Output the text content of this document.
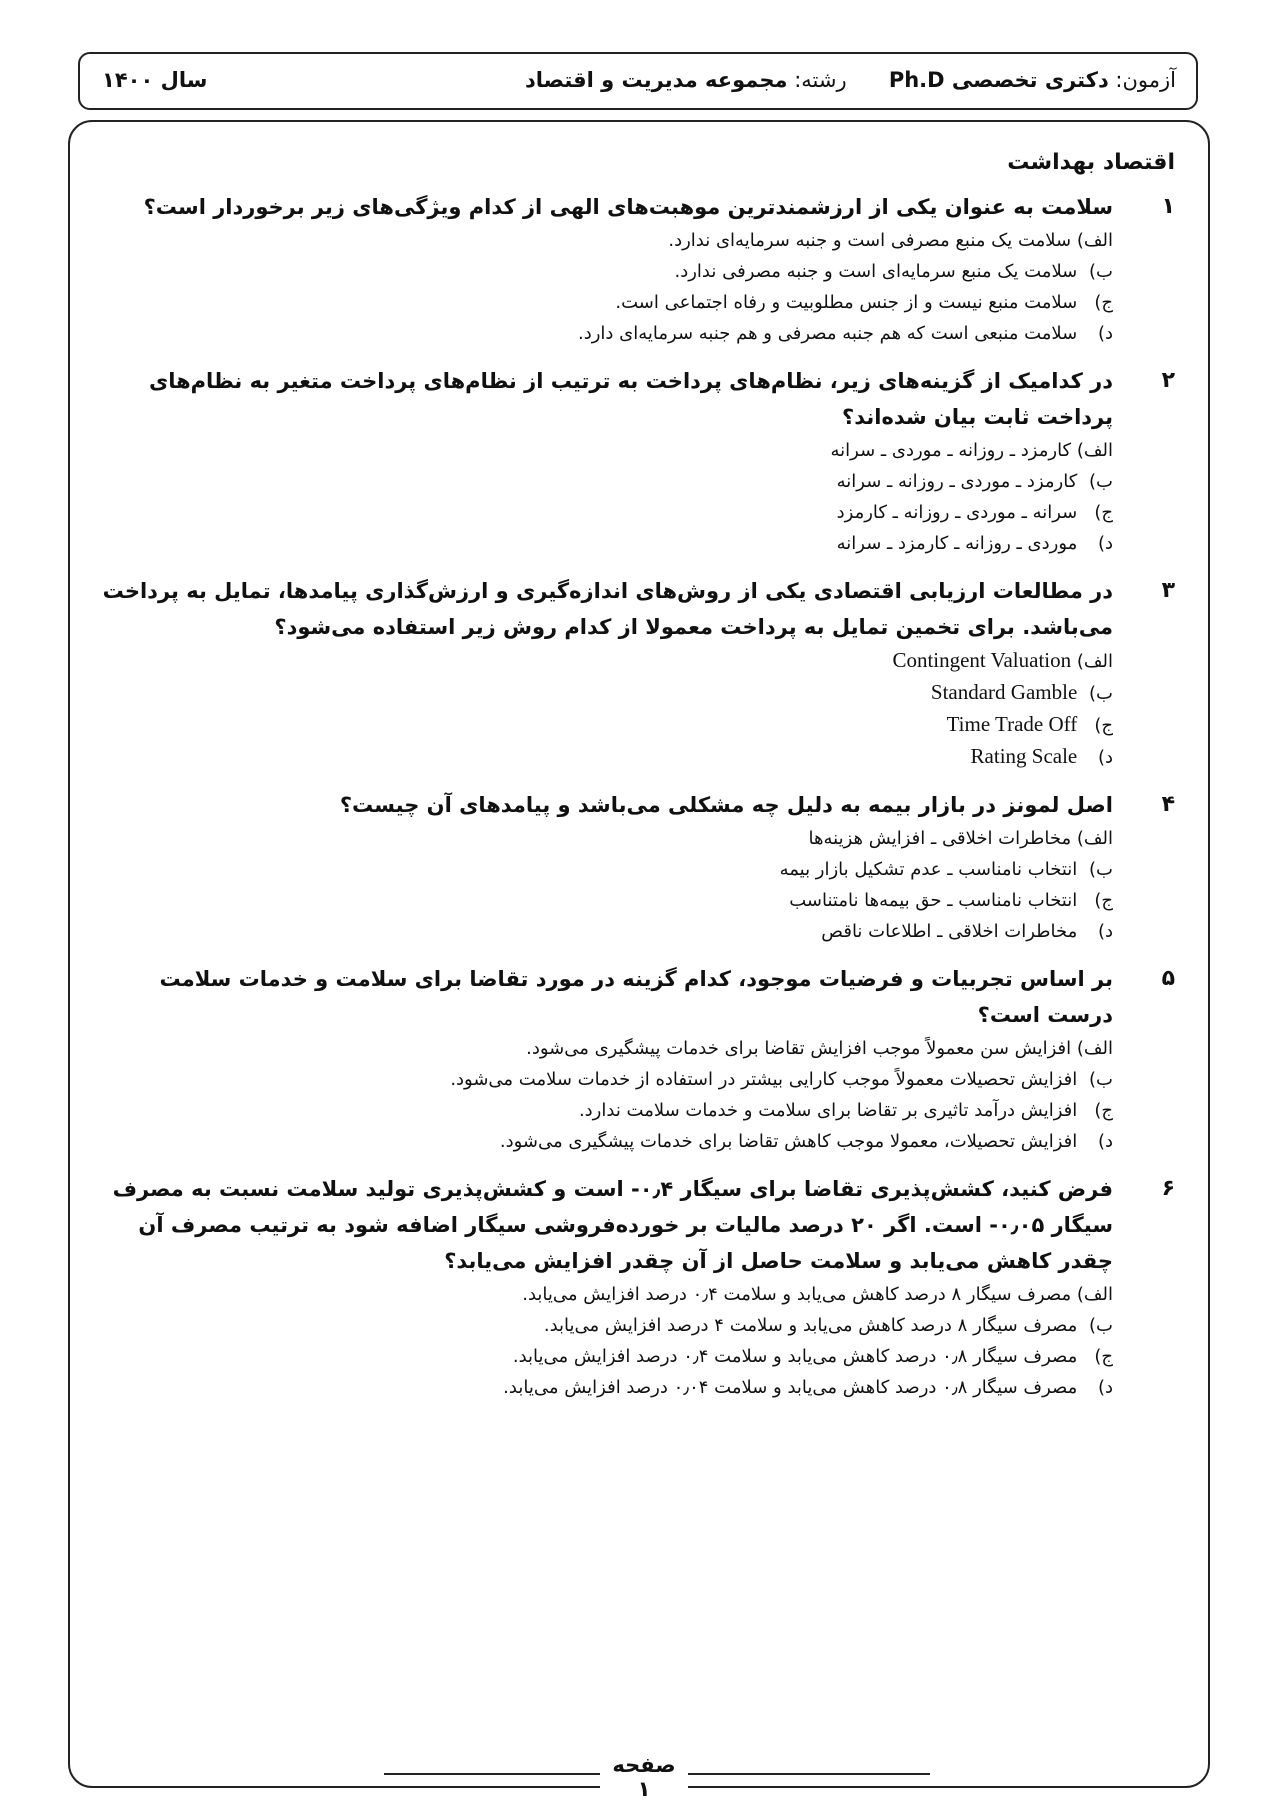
آزمون: دکتری تخصصی Ph.D
رشته: مجموعه مدیریت و اقتصاد
سال ۱۴۰۰
اقتصاد بهداشت
۱
سلامت به عنوان یکی از ارزشمندترین موهبت‌های الهی از کدام ویژگی‌های زیر برخوردار است؟
الف) سلامت یک منبع مصرفی است و جنبه سرمایه‌ای ندارد.
ب) سلامت یک منبع سرمایه‌ای است و جنبه مصرفی ندارد.
ج) سلامت منبع نیست و از جنس مطلوبیت و رفاه اجتماعی است.
د) سلامت منبعی است که هم جنبه مصرفی و هم جنبه سرمایه‌ای دارد.
۲
در کدامیک از گزینه‌های زیر، نظام‌های پرداخت به ترتیب از نظام‌های پرداخت متغیر به نظام‌های پرداخت ثابت بیان شده‌اند؟
الف) کارمزد ـ روزانه ـ موردی ـ سرانه
ب) کارمزد ـ موردی ـ روزانه ـ سرانه
ج) سرانه ـ موردی ـ روزانه ـ کارمزد
د) موردی ـ روزانه ـ کارمزد ـ سرانه
۳
در مطالعات ارزیابی اقتصادی یکی از روش‌های اندازه‌گیری و ارزش‌گذاری پیامدها، تمایل به پرداخت می‌باشد. برای تخمین تمایل به پرداخت معمولا از کدام روش زیر استفاده می‌شود؟
الف) Contingent Valuation
ب) Standard Gamble
ج) Time Trade Off
د) Rating Scale
۴
اصل لمونز در بازار بیمه به دلیل چه مشکلی می‌باشد و پیامدهای آن چیست؟
الف) مخاطرات اخلاقی ـ افزایش هزینه‌ها
ب) انتخاب نامناسب ـ عدم تشکیل بازار بیمه
ج) انتخاب نامناسب ـ حق بیمه‌ها نامتناسب
د) مخاطرات اخلاقی ـ اطلاعات ناقص
۵
بر اساس تجربیات و فرضیات موجود، کدام گزینه در مورد تقاضا برای سلامت و خدمات سلامت درست است؟
الف) افزایش سن معمولاً موجب افزایش تقاضا برای خدمات پیشگیری می‌شود.
ب) افزایش تحصیلات معمولاً موجب کارایی بیشتر در استفاده از خدمات سلامت می‌شود.
ج) افزایش درآمد تاثیری بر تقاضا برای سلامت و خدمات سلامت ندارد.
د) افزایش تحصیلات، معمولا موجب کاهش تقاضا برای خدمات پیشگیری می‌شود.
۶
فرض کنید، کشش‌پذیری تقاضا برای سیگار ۰٫۴- است و کشش‌پذیری تولید سلامت نسبت به مصرف سیگار ۰٫۰۵- است. اگر ۲۰ درصد مالیات بر خورده‌فروشی سیگار اضافه شود به ترتیب مصرف آن چقدر کاهش می‌یابد و سلامت حاصل از آن چقدر افزایش می‌یابد؟
الف) مصرف سیگار ۸ درصد کاهش می‌یابد و سلامت ۰٫۴ درصد افزایش می‌یابد.
ب) مصرف سیگار ۸ درصد کاهش می‌یابد و سلامت ۴ درصد افزایش می‌یابد.
ج) مصرف سیگار ۰٫۸ درصد کاهش می‌یابد و سلامت ۰٫۴ درصد افزایش می‌یابد.
د) مصرف سیگار ۰٫۸ درصد کاهش می‌یابد و سلامت ۰٫۰۴ درصد افزایش می‌یابد.
صفحه ۱
